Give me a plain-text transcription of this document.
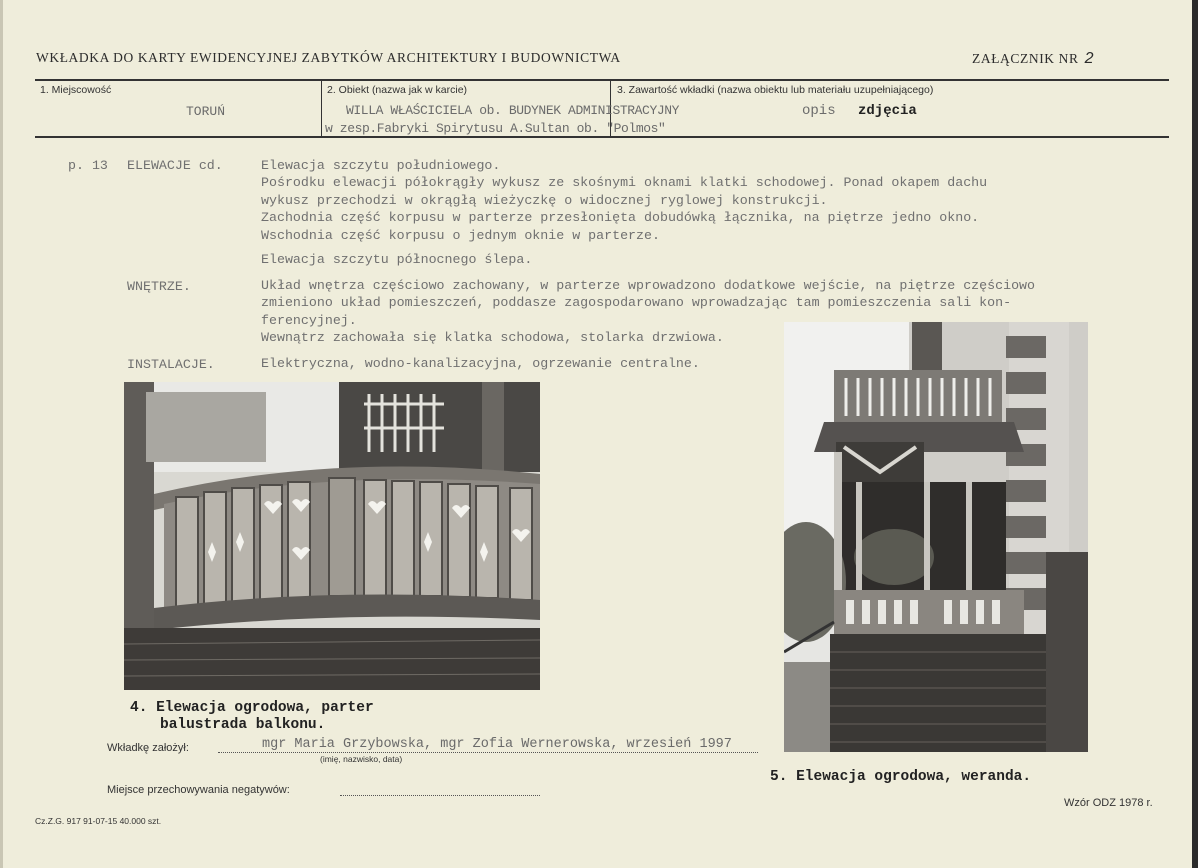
WKŁADKA DO KARTY EWIDENCYJNEJ ZABYTKÓW ARCHITEKTURY I BUDOWNICTWA	ZAŁĄCZNIK NR 2
1. Miejscowość
TORUŃ
2. Obiekt (nazwa jak w karcie)
WILLA WŁAŚCICIELA ob. BUDYNEK ADMINISTRACYJNY
w zesp.Fabryki Spirytusu A.Sultan ob. "Polmos"
3. Zawartość wkładki (nazwa obiektu lub materiału uzupełniającego)
opis zdjęcia
p. 13 ELEWACJE cd.	Elewacja szczytu południowego.
Pośrodku elewacji półokrągły wykusz ze skośnymi oknami klatki schodowej. Ponad okapem dachu
wykusz przechodzi w okrągłą wieżyczkę o widocznej ryglowej konstrukcji.
Zachodnia część korpusu w parterze przesłonięta dobudówką łącznika, na piętrze jedno okno.
Wschodnia część korpusu o jednym oknie w parterze.
Elewacja szczytu północnego ślepa.
WNĘTRZE.	Układ wnętrza częściowo zachowany, w parterze wprowadzono dodatkowe wejście, na piętrze częściowo
zmieniono układ pomieszczeń, poddasze zagospodarowano wprowadzając tam pomieszczenia sali kon-
ferencyjnej.
Wewnątrz zachowała się klatka schodowa, stolarka drzwiowa.
INSTALACJE.	Elektryczna, wodno-kanalizacyjna, ogrzewanie centralne.
4. Elewacja ogrodowa, parter
balustrada balkonu.
5. Elewacja ogrodowa, weranda.
Wkładkę założył:	mgr Maria Grzybowska, mgr Zofia Wernerowska, wrzesień 1997
(imię, nazwisko, data)
Miejsce przechowywania negatywów:
Wzór ODZ 1978 r.
Cz.Z.G. 917 91-07-15 40.000 szt.
